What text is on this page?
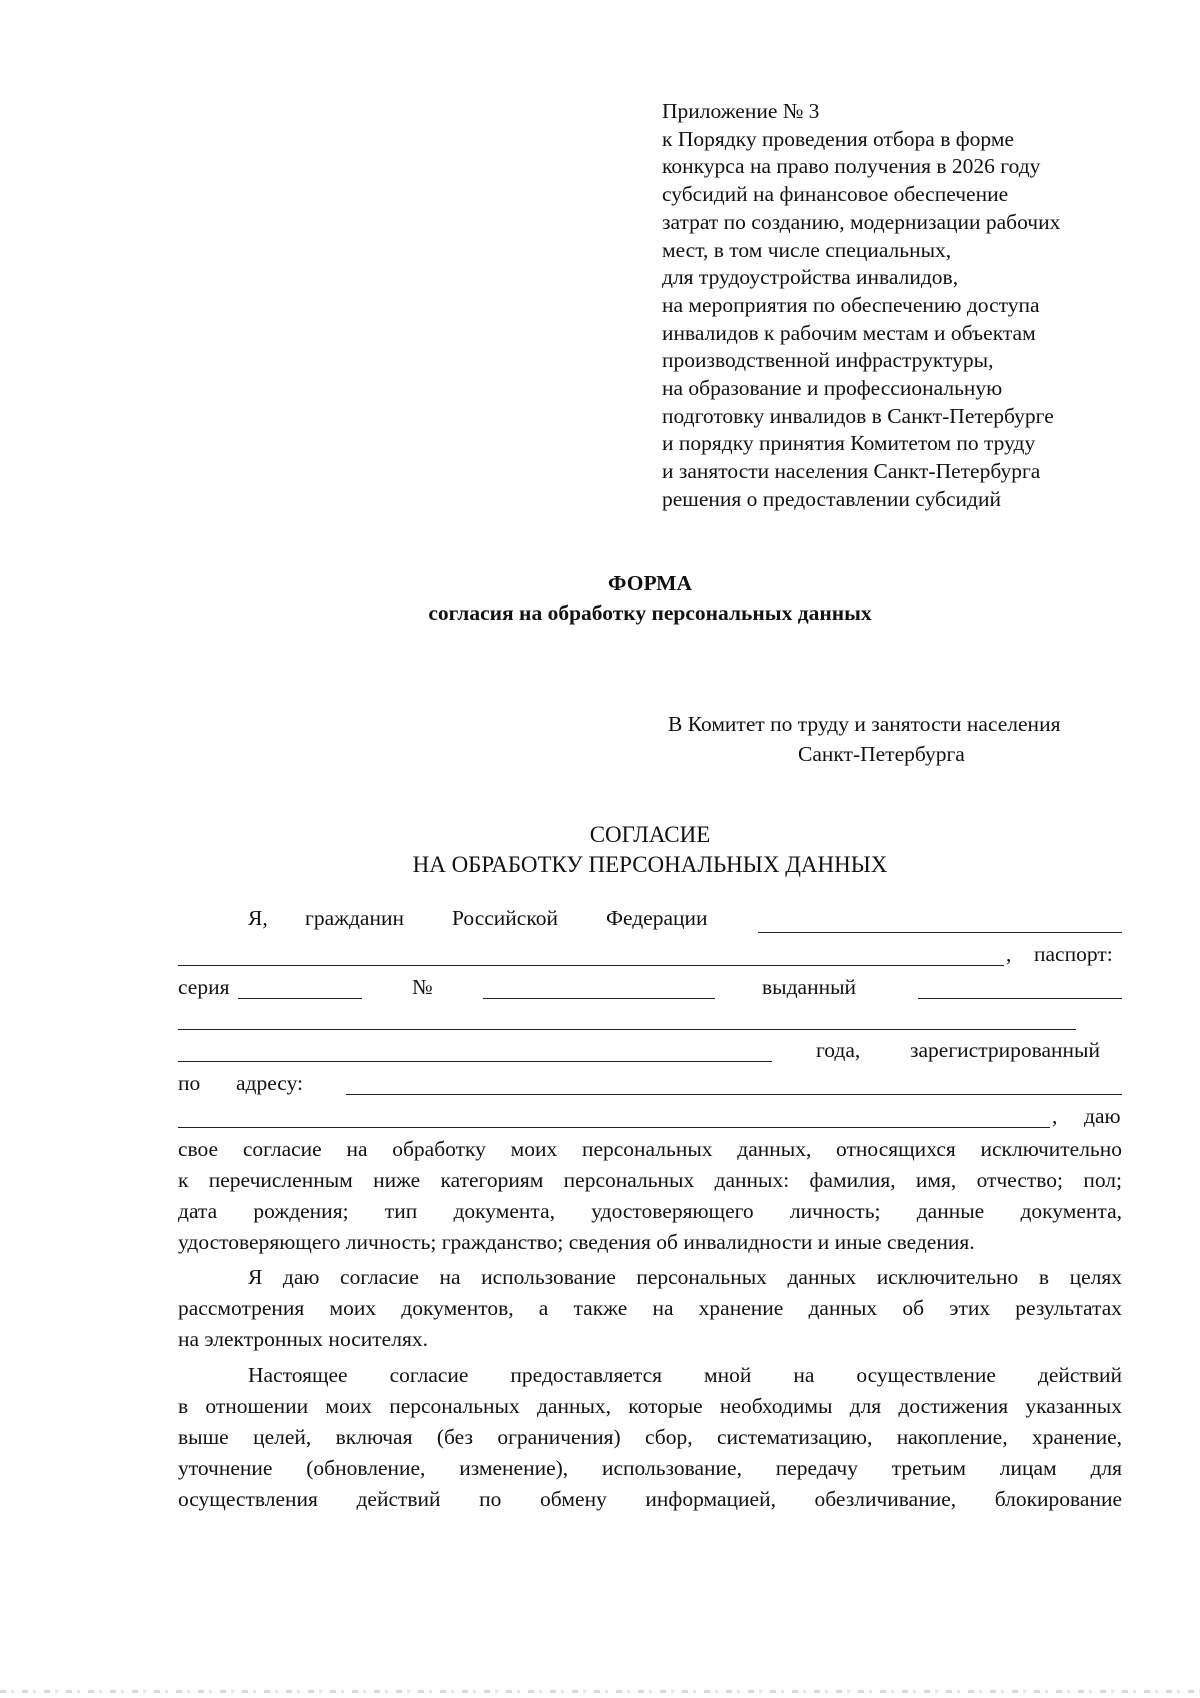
Приложение № 3
к Порядку проведения отбора в форме
конкурса на право получения в 2026 году
субсидий на финансовое обеспечение
затрат по созданию, модернизации рабочих
мест, в том числе специальных,
для трудоустройства инвалидов,
на мероприятия по обеспечению доступа
инвалидов к рабочим местам и объектам
производственной инфраструктуры,
на образование и профессиональную
подготовку инвалидов в Санкт-Петербурге
и порядку принятия Комитетом по труду
и занятости населения Санкт-Петербурга
решения о предоставлении субсидий
ФОРМА
согласия на обработку персональных данных
В Комитет по труду и занятости населения
Санкт-Петербурга
СОГЛАСИЕ
НА ОБРАБОТКУ ПЕРСОНАЛЬНЫХ ДАННЫХ
Я, гражданин Российской Федерации
, паспорт:
серия	№	выданный
года, зарегистрированный
по адресу:
, даю
свое согласие на обработку моих персональных данных, относящихся исключительно
к перечисленным ниже категориям персональных данных: фамилия, имя, отчество; пол;
дата рождения; тип документа, удостоверяющего личность; данные документа,
удостоверяющего личность; гражданство; сведения об инвалидности и иные сведения.
Я даю согласие на использование персональных данных исключительно в целях
рассмотрения моих документов, а также на хранение данных об этих результатах
на электронных носителях.
Настоящее согласие предоставляется мной на осуществление действий
в отношении моих персональных данных, которые необходимы для достижения указанных
выше целей, включая (без ограничения) сбор, систематизацию, накопление, хранение,
уточнение (обновление, изменение), использование, передачу третьим лицам для
осуществления действий по обмену информацией, обезличивание, блокирование
